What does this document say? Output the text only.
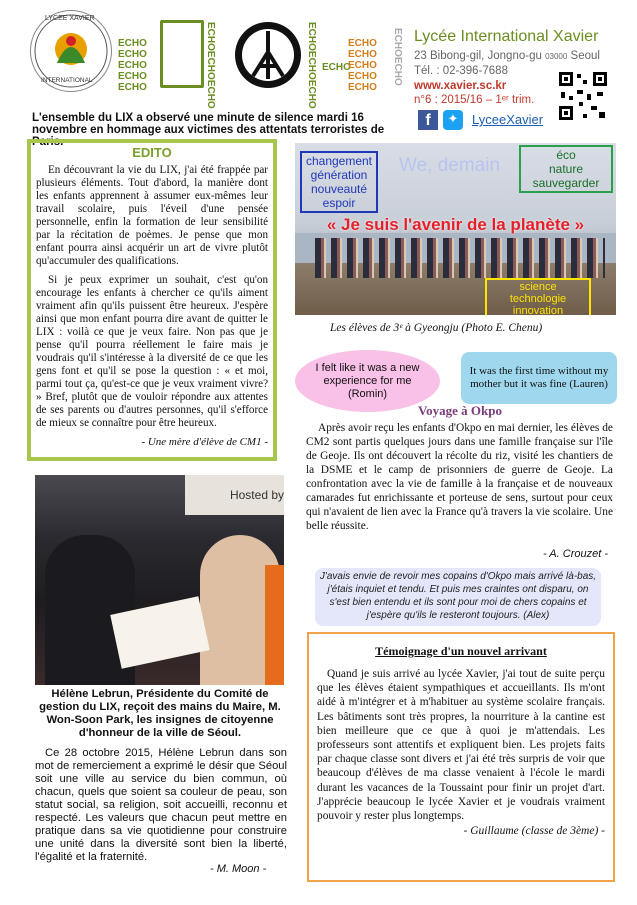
LYCEE XAVIER
INTERNATIONAL
ECHO
ECHO
ECHO
ECHO
ECHO
ECHOECHOECHO
ECHOECHOECHO
ECHO
ECHO
ECHO
ECHO
ECHO
ECHO
ECHOECHO
Lycée International Xavier
23 Bibong-gil, Jongno-gu 03000 Seoul
Tél. : 02-396-7688
www.xavier.sc.kr
n°6 : 2015/16 – 1ᵉʳ trim.
f	✦	LyceeXavier
L'ensemble du LIX a observé une minute de silence mardi 16 novembre en hommage aux victimes des attentats terroristes de Paris.
EDITO

En découvrant la vie du LIX, j'ai été frappée par plusieurs éléments. Tout d'abord, la manière dont les enfants apprennent à assumer eux-mêmes leur travail scolaire, puis l'éveil d'une pensée personnelle, enfin la formation de leur sensibilité par la récitation de poèmes. Je pense que mon enfant pourra ainsi acquérir un art de vivre plutôt qu'accumuler des qualifications.

Si je peux exprimer un souhait, c'est qu'on encourage les enfants à chercher ce qu'ils aiment vraiment afin qu'ils puissent être heureux. J'espère ainsi que mon enfant pourra dire avant de quitter le LIX : voilà ce que je veux faire. Non pas que je pense qu'il pourra réellement le faire mais je voudrais qu'il s'intéresse à la diversité de ce que les gens font et qu'il se pose la question : « et moi, parmi tout ça, qu'est-ce que je veux vraiment vivre? » Bref, plutôt que de vouloir répondre aux attentes de ses parents ou d'autres personnes, qu'il s'efforce de mieux se connaître pour être heureux.

- Une mère d'élève de CM1 -
We, demain
changement
génération
nouveauté
espoir
éco
nature
sauvegarder
« Je suis l'avenir de la planète »
science
technologie
innovation
Les élèves de 3ᵉ à Gyeongju (Photo E. Chenu)
I felt like it was a new experience for me (Romin)
It was the first time without my mother but it was fine (Lauren)
Voyage à Okpo

Après avoir reçu les enfants d'Okpo en mai dernier, les élèves de CM2 sont partis quelques jours dans une famille française sur l'île de Geoje. Ils ont découvert la récolte du riz, visité les chantiers de la DSME et le camp de prisonniers de guerre de Geoje. La confrontation avec la vie de famille à la française et de nouveaux camarades fut enrichissante et porteuse de sens, surtout pour ceux qui n'avaient de lien avec la France qu'à travers la vie scolaire. Une belle réussite.

- A. Crouzet -
J'avais envie de revoir mes copains d'Okpo mais arrivé là-bas, j'étais inquiet et tendu. Et puis mes craintes ont disparu, on s'est bien entendu et ils sont pour moi de chers copains et j'espère qu'ils le resteront toujours. (Alex)
Hosted by
Hélène Lebrun, Présidente du Comité de gestion du LIX, reçoit des mains du Maire, M. Won-Soon Park, les insignes de citoyenne d'honneur de la ville de Séoul.

Ce 28 octobre 2015, Hélène Lebrun dans son mot de remerciement a exprimé le désir que Séoul soit une ville au service du bien commun, où chacun, quels que soient sa couleur de peau, son statut social, sa religion, soit accueilli, reconnu et respecté. Les valeurs que chacun peut mettre en pratique dans sa vie quotidienne pour construire une unité dans la diversité sont bien la liberté, l'égalité et la fraternité.

- M. Moon -
Témoignage d'un nouvel arrivant

Quand je suis arrivé au lycée Xavier, j'ai tout de suite perçu que les élèves étaient sympathiques et accueillants. Ils m'ont aidé à m'intégrer et à m'habituer au système scolaire français. Les bâtiments sont très propres, la nourriture à la cantine est bien meilleure que ce que à quoi je m'attendais. Les professeurs sont attentifs et expliquent bien. Les projets faits par chaque classe sont divers et j'ai été très surpris de voir que beaucoup d'élèves de ma classe venaient à l'école le mardi durant les vacances de la Toussaint pour finir un projet d'art. J'apprécie beaucoup le lycée Xavier et je voudrais vraiment pouvoir y rester plus longtemps.

- Guillaume (classe de 3ème) -
